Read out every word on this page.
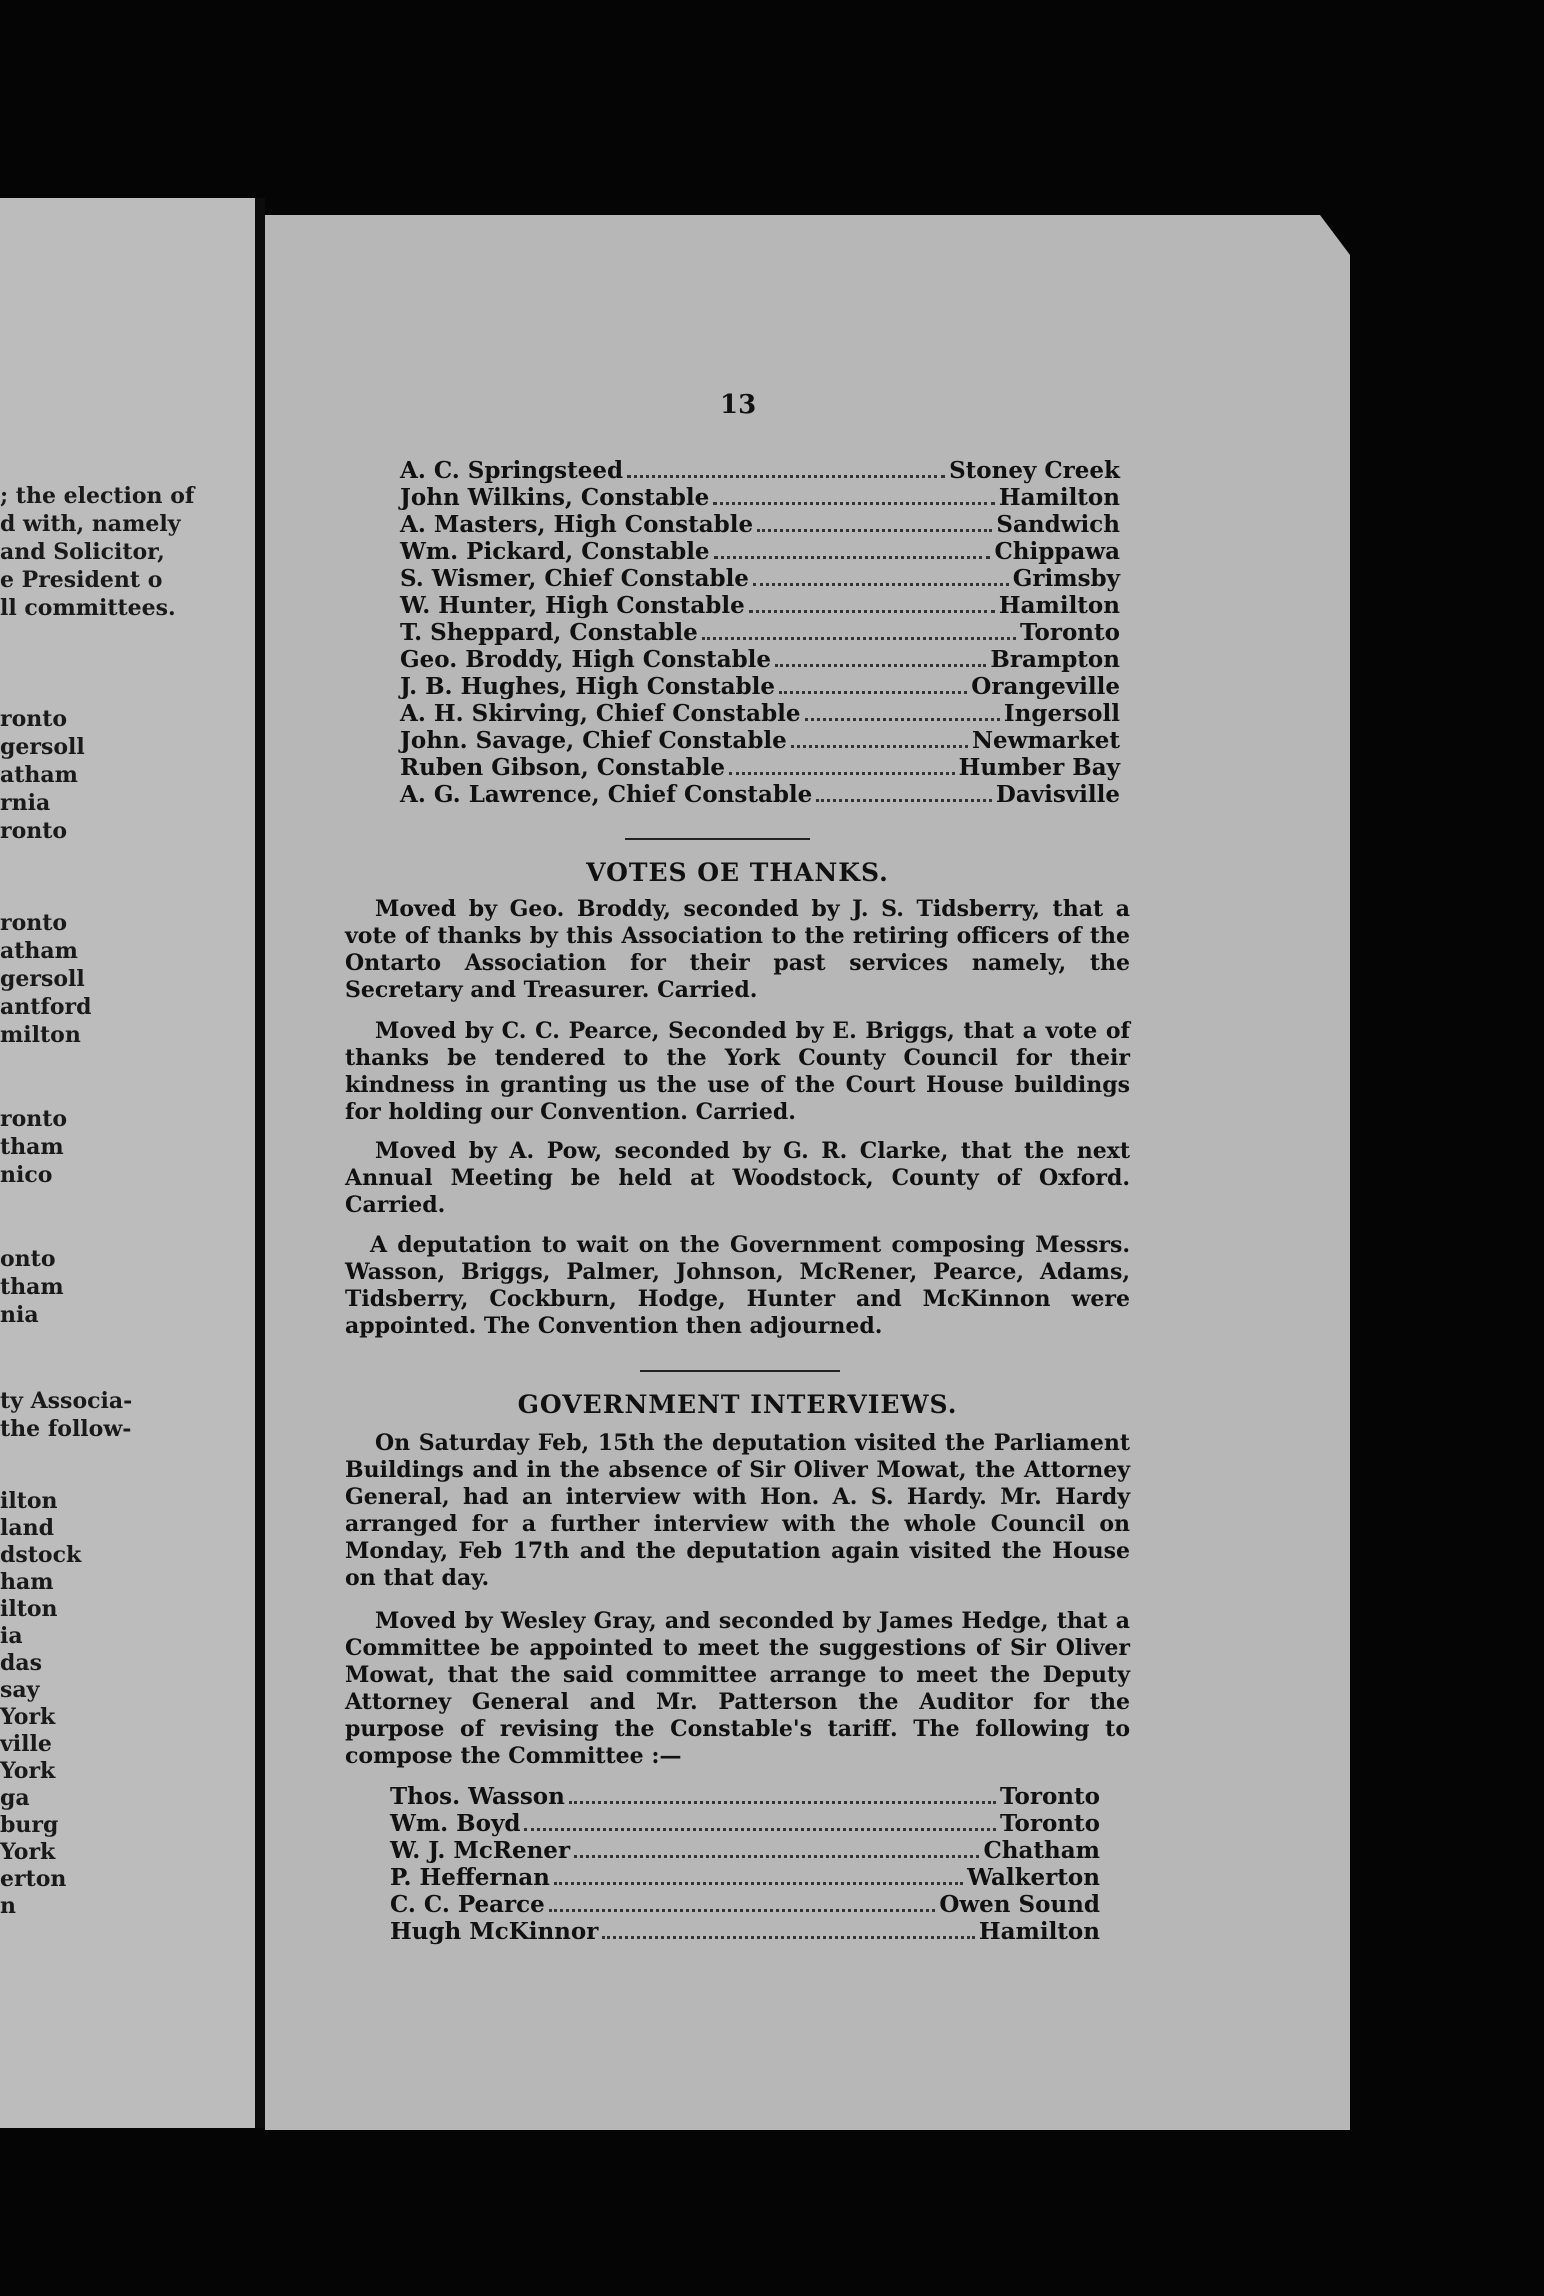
; the election of
d with, namely
and Solicitor,
e President o
ll committees.
ronto
gersoll
atham
rnia
ronto
ronto
atham
gersoll
antford
milton
ronto
tham
nico
onto
tham
nia
ty Associa-
the follow-
ilton
land
dstock
ham
ilton
ia
das
say
York
ville
York
ga
burg
York
erton
n
13
A. C. Springsteed	Stoney Creek
John Wilkins, Constable	Hamilton
A. Masters, High Constable	Sandwich
Wm. Pickard, Constable	Chippawa
S. Wismer, Chief Constable	Grimsby
W. Hunter, High Constable	Hamilton
T. Sheppard, Constable	Toronto
Geo. Broddy, High Constable	Brampton
J. B. Hughes, High Constable	Orangeville
A. H. Skirving, Chief Constable	Ingersoll
John. Savage, Chief Constable	Newmarket
Ruben Gibson, Constable	Humber Bay
A. G. Lawrence, Chief Constable	Davisville
VOTES OE THANKS.

Moved by Geo. Broddy, seconded by J. S. Tidsberry, that a vote of thanks by this Association to the retiring officers of the Ontarto Association for their past services namely, the Secretary and Treasurer. Carried.

Moved by C. C. Pearce, Seconded by E. Briggs, that a vote of thanks be tendered to the York County Council for their kindness in granting us the use of the Court House buildings for holding our Convention. Carried.

Moved by A. Pow, seconded by G. R. Clarke, that the next Annual Meeting be held at Woodstock, County of Oxford. Carried.

A deputation to wait on the Government composing Messrs. Wasson, Briggs, Palmer, Johnson, McRener, Pearce, Adams, Tidsberry, Cockburn, Hodge, Hunter and McKinnon were appointed. The Convention then adjourned.

GOVERNMENT INTERVIEWS.

On Saturday Feb, 15th the deputation visited the Parliament Buildings and in the absence of Sir Oliver Mowat, the Attorney General, had an interview with Hon. A. S. Hardy. Mr. Hardy arranged for a further interview with the whole Council on Monday, Feb 17th and the deputation again visited the House on that day.

Moved by Wesley Gray, and seconded by James Hedge, that a Committee be appointed to meet the suggestions of Sir Oliver Mowat, that the said committee arrange to meet the Deputy Attorney General and Mr. Patterson the Auditor for the purpose of revising the Constable's tariff. The following to compose the Committee :—

Thos. Wasson	Toronto
Wm. Boyd	Toronto
W. J. McRener	Chatham
P. Heffernan	Walkerton
C. C. Pearce	Owen Sound
Hugh McKinnor	Hamilton
